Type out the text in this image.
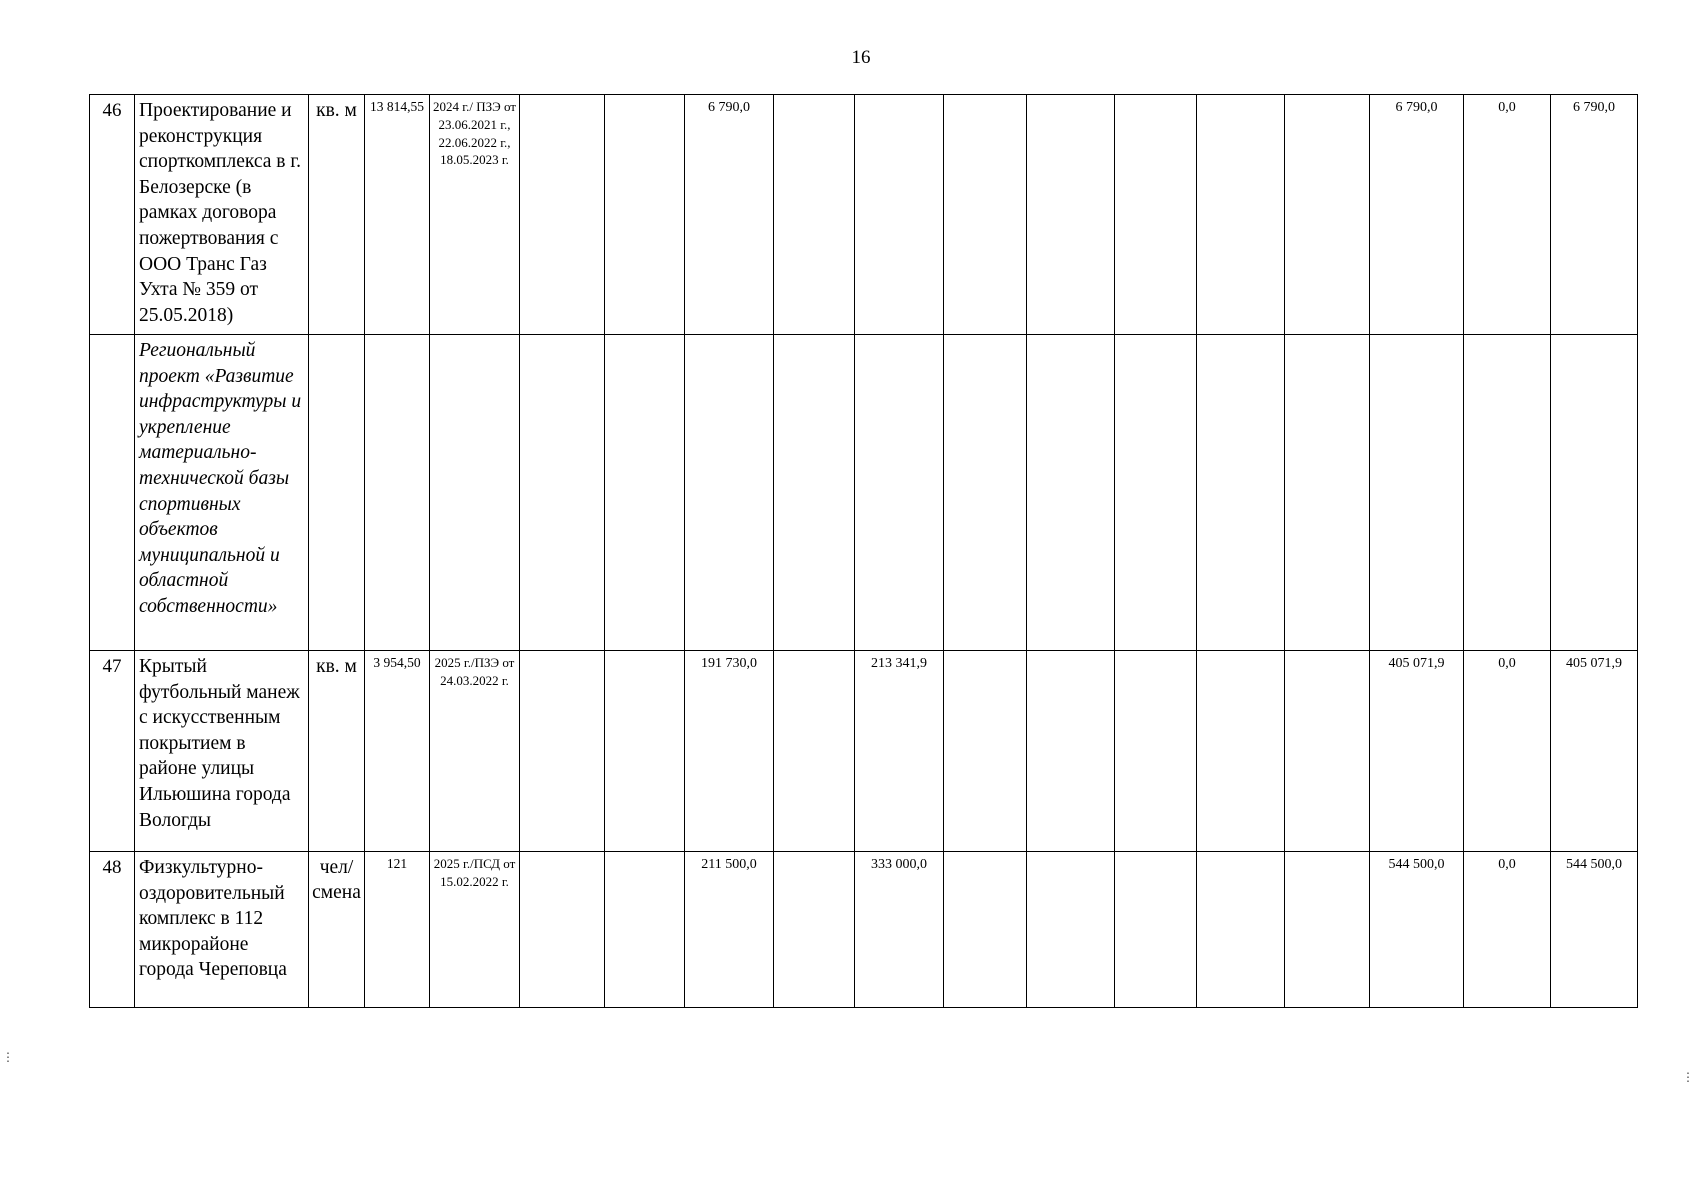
16
46	Проектирование и реконструкция спорткомплекса в г. Белозерске (в рамках договора пожертвования с ООО Транс Газ Ухта № 359 от 25.05.2018)	кв. м	13 814,55	2024 г./ ПЗЭ от 23.06.2021 г., 22.06.2022 г., 18.05.2023 г.			6 790,0								6 790,0	0,0	6 790,0
	Региональный проект «Развитие инфраструктуры и укрепление материально-технической базы спортивных объектов муниципальной и областной собственности»																
47	Крытый футбольный манеж с искусственным покрытием в районе улицы Ильюшина города Вологды	кв. м	3 954,50	2025 г./ПЗЭ от 24.03.2022 г.			191 730,0		213 341,9						405 071,9	0,0	405 071,9
48	Физкультурно-оздоровительный комплекс в 112 микрорайоне города Череповца	чел/ смена	121	2025 г./ПСД от 15.02.2022 г.			211 500,0		333 000,0						544 500,0	0,0	544 500,0
⋮
⋮
